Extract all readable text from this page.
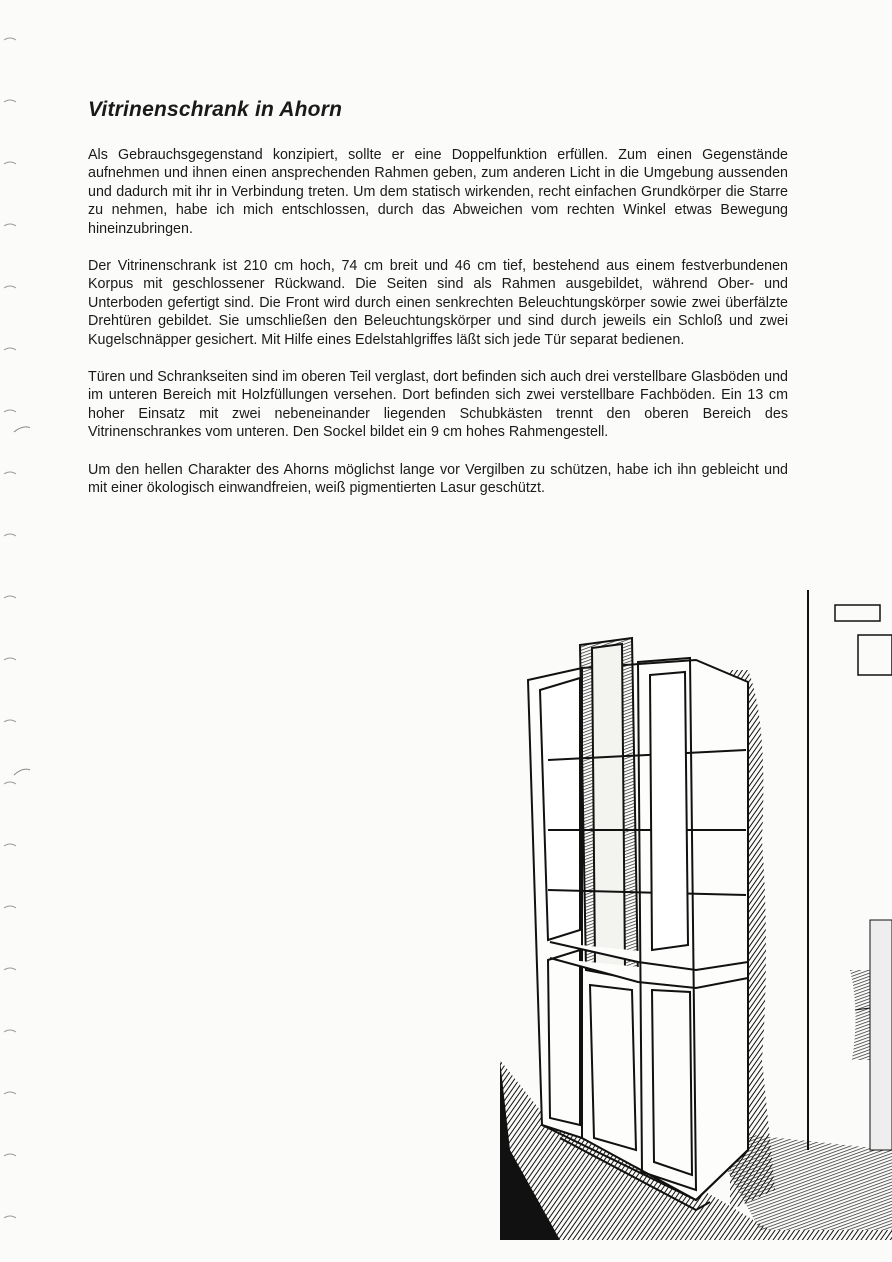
Vitrinenschrank in Ahorn

Als Gebrauchsgegenstand konzipiert, sollte er eine Doppelfunktion erfüllen. Zum einen Gegenstände aufnehmen und ihnen einen ansprechenden Rahmen geben, zum anderen Licht in die Umgebung aussenden und dadurch mit ihr in Verbindung treten. Um dem statisch wirkenden, recht einfachen Grundkörper die Starre zu nehmen, habe ich mich entschlossen, durch das Abweichen vom rechten Winkel etwas Bewegung hineinzubringen.

Der Vitrinenschrank ist 210 cm hoch, 74 cm breit und 46 cm tief, bestehend aus einem festverbundenen Korpus mit geschlossener Rückwand. Die Seiten sind als Rahmen ausgebildet, während Ober- und Unterboden gefertigt sind. Die Front wird durch einen senkrechten Beleuchtungskörper sowie zwei überfälzte Drehtüren gebildet. Sie umschließen den Beleuchtungskörper und sind durch jeweils ein Schloß und zwei Kugelschnäpper gesichert. Mit Hilfe eines Edelstahlgriffes läßt sich jede Tür separat bedienen.

Türen und Schrankseiten sind im oberen Teil verglast, dort befinden sich auch drei verstellbare Glasböden und im unteren Bereich mit Holzfüllungen versehen. Dort befinden sich zwei verstellbare Fachböden. Ein 13 cm hoher Einsatz mit zwei nebeneinander liegenden Schubkästen trennt den oberen Bereich des Vitrinenschrankes vom unteren. Den Sockel bildet ein 9 cm hohes Rahmengestell.

Um den hellen Charakter des Ahorns möglichst lange vor Vergilben zu schützen, habe ich ihn gebleicht und mit einer ökologisch einwandfreien, weiß pigmentierten Lasur geschützt.
